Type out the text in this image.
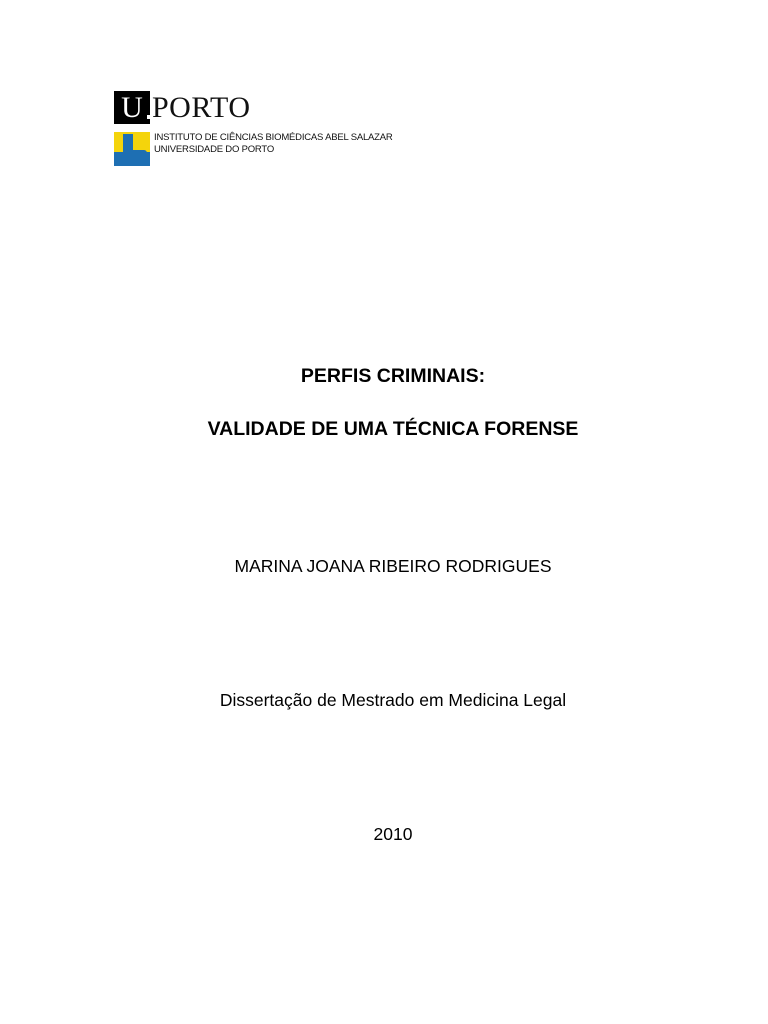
U PORTO
INSTITUTO DE CIÊNCIAS BIOMÉDICAS ABEL SALAZAR
UNIVERSIDADE DO PORTO
PERFIS CRIMINAIS:
VALIDADE DE UMA TÉCNICA FORENSE
MARINA JOANA RIBEIRO RODRIGUES
Dissertação de Mestrado em Medicina Legal
2010
